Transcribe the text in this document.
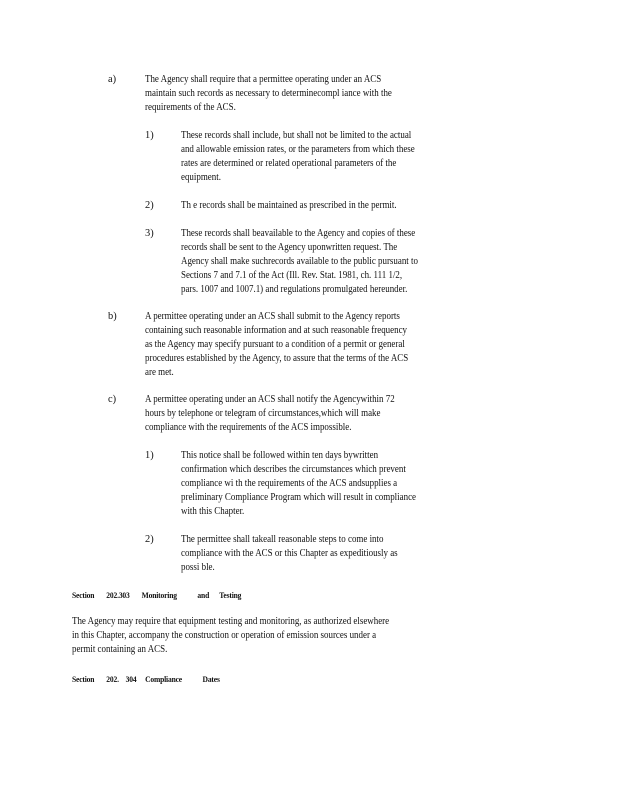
a)	The Agency shall require that a permittee operating under an ACS
maintain such records as necessary to determinecompl iance with the
requirements of the ACS.
1)	These records shall include, but shall not be limited to the actual
and allowable emission rates, or the parameters from which these
rates are determined or related operational parameters of the
equipment.
2)	Th e records shall be maintained as prescribed in the permit.
3)	These records shall beavailable to the Agency and copies of these
records shall be sent to the Agency uponwritten request. The
Agency shall make suchrecords available to the public pursuant to
Sections 7 and 7.1 of the Act (Ill. Rev. Stat. 1981, ch. 111 1/2,
pars. 1007 and 1007.1) and regulations promulgated hereunder.
b)	A permittee operating under an ACS shall submit to the Agency reports
containing such reasonable information and at such reasonable frequency
as the Agency may specify pursuant to a condition of a permit or general
procedures established by the Agency, to assure that the terms of the ACS
are met.
c)	A permittee operating under an ACS shall notify the Agencywithin 72
hours by telephone or telegram of circumstances,which will make
compliance with the requirements of the ACS impossible.
1)	This notice shall be followed within ten days bywritten
confirmation which describes the circumstances which prevent
compliance wi th the requirements of the ACS andsupplies a
preliminary Compliance Program which will result in compliance
with this Chapter.
2)	The permittee shall takeall reasonable steps to come into
compliance with the ACS or this Chapter as expeditiously as
possi ble.
Section       202.303       Monitoring            and      Testing
The Agency may require that equipment testing and monitoring, as authorized elsewhere
in this Chapter, accompany the construction or operation of emission sources under a
permit containing an ACS.
Section       202.    304     Compliance            Dates
